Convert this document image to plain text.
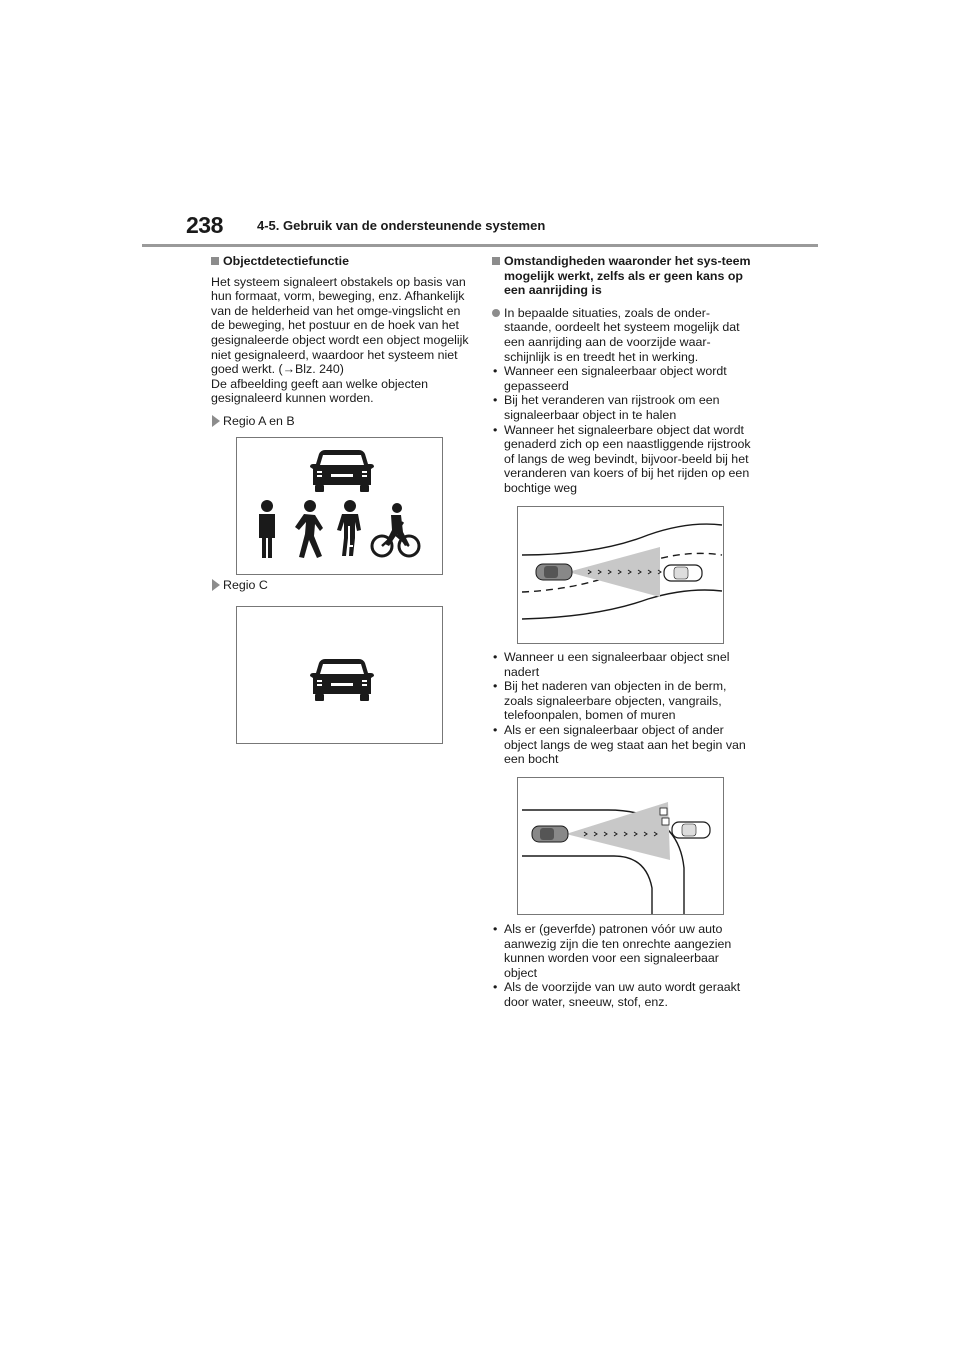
238	4-5. Gebruik van de ondersteunende systemen
Objectdetectiefunctie

Het systeem signaleert obstakels op basis van hun formaat, vorm, beweging, enz. Afhankelijk van de helderheid van het omge-vingslicht en de beweging, het postuur en de hoek van het gesignaleerde object wordt een object mogelijk niet gesignaleerd, waardoor het systeem niet goed werkt. (→Blz. 240)
De afbeelding geeft aan welke objecten gesignaleerd kunnen worden.

Regio A en B
Regio C
Omstandigheden waaronder het sys-teem mogelijk werkt, zelfs als er geen kans op een aanrijding is
In bepaalde situaties, zoals de onder-staande, oordeelt het systeem mogelijk dat een aanrijding aan de voorzijde waar-schijnlijk is en treedt het in werking.
• Wanneer een signaleerbaar object wordt gepasseerd
• Bij het veranderen van rijstrook om een signaleerbaar object in te halen
• Wanneer het signaleerbare object dat wordt genaderd zich op een naastliggende rijstrook of langs de weg bevindt, bijvoor-beeld bij het veranderen van koers of bij het rijden op een bochtige weg
• Wanneer u een signaleerbaar object snel nadert
• Bij het naderen van objecten in de berm, zoals signaleerbare objecten, vangrails, telefoonpalen, bomen of muren
• Als er een signaleerbaar object of ander object langs de weg staat aan het begin van een bocht
• Als er (geverfde) patronen vóór uw auto aanwezig zijn die ten onrechte aangezien kunnen worden voor een signaleerbaar object
• Als de voorzijde van uw auto wordt geraakt door water, sneeuw, stof, enz.
